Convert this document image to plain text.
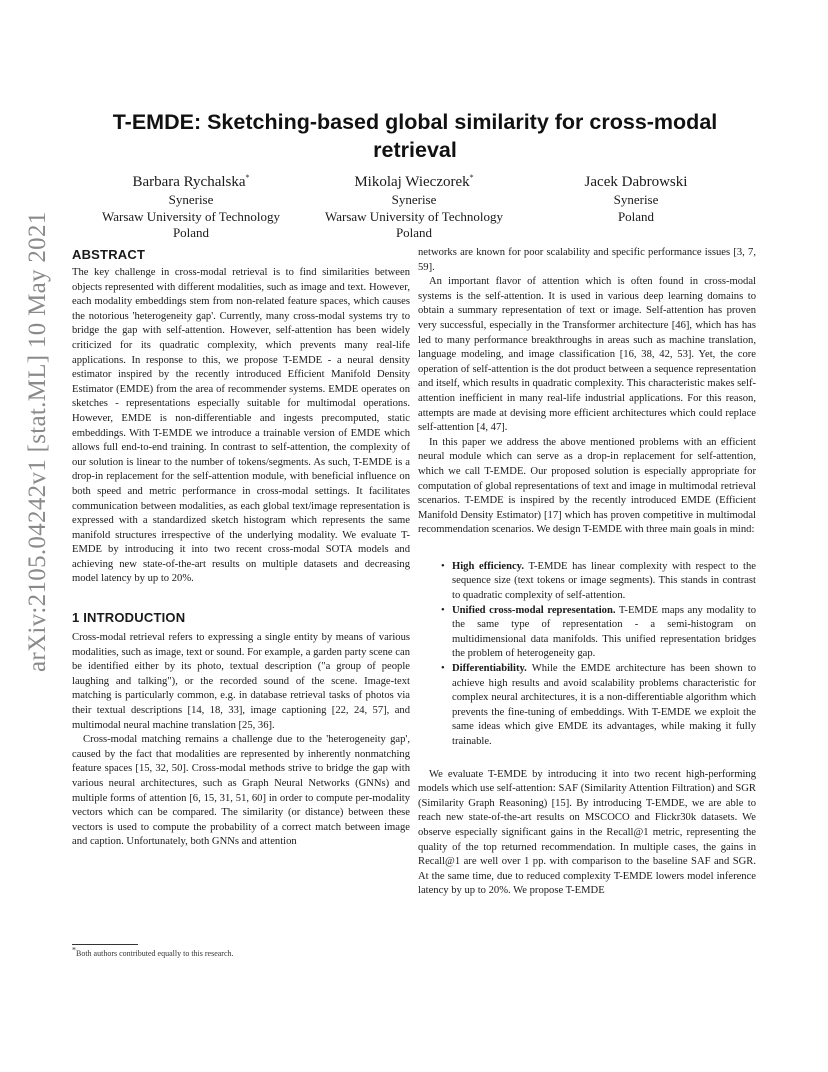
arXiv:2105.04242v1 [stat.ML] 10 May 2021
T-EMDE: Sketching-based global similarity for cross-modal retrieval
Barbara Rychalska*
Synerise
Warsaw University of Technology
Poland
Mikolaj Wieczorek*
Synerise
Warsaw University of Technology
Poland
Jacek Dabrowski
Synerise
Poland
ABSTRACT

The key challenge in cross-modal retrieval is to find similarities between objects represented with different modalities, such as image and text. However, each modality embeddings stem from non-related feature spaces, which causes the notorious 'heterogeneity gap'. Currently, many cross-modal systems try to bridge the gap with self-attention. However, self-attention has been widely criticized for its quadratic complexity, which prevents many real-life applications. In response to this, we propose T-EMDE - a neural density estimator inspired by the recently introduced Efficient Manifold Density Estimator (EMDE) from the area of recommender systems. EMDE operates on sketches - representations especially suitable for multimodal operations. However, EMDE is non-differentiable and ingests precomputed, static embeddings. With T-EMDE we introduce a trainable version of EMDE which allows full end-to-end training. In contrast to self-attention, the complexity of our solution is linear to the number of tokens/segments. As such, T-EMDE is a drop-in replacement for the self-attention module, with beneficial influence on both speed and metric performance in cross-modal settings. It facilitates communication between modalities, as each global text/image representation is expressed with a standardized sketch histogram which represents the same manifold structures irrespective of the underlying modality. We evaluate T-EMDE by introducing it into two recent cross-modal SOTA models and achieving new state-of-the-art results on multiple datasets and decreasing model latency by up to 20%.

1 INTRODUCTION

Cross-modal retrieval refers to expressing a single entity by means of various modalities, such as image, text or sound. For example, a garden party scene can be identified either by its photo, textual description ("a group of people laughing and talking"), or the recorded sound of the scene. Image-text matching is particularly common, e.g. in database retrieval tasks of photos via their textual descriptions [14, 18, 33], image captioning [22, 24, 57], and multimodal neural machine translation [25, 36].

Cross-modal matching remains a challenge due to the 'heterogeneity gap', caused by the fact that modalities are represented by inherently nonmatching feature spaces [15, 32, 50]. Cross-modal methods strive to bridge the gap with various neural architectures, such as Graph Neural Networks (GNNs) and multiple forms of attention [6, 15, 31, 51, 60] in order to compute per-modality vectors which can be compared. The similarity (or distance) between these vectors is used to compute the probability of a correct match between image and caption. Unfortunately, both GNNs and attention

networks are known for poor scalability and specific performance issues [3, 7, 59].

An important flavor of attention which is often found in cross-modal systems is the self-attention. It is used in various deep learning domains to obtain a summary representation of text or image. Self-attention has proven very successful, especially in the Transformer architecture [46], which has has led to many performance breakthroughs in areas such as machine translation, language modeling, and image classification [16, 38, 42, 53]. Yet, the core operation of self-attention is the dot product between a sequence representation and itself, which results in quadratic complexity. This characteristic makes self-attention inefficient in many real-life industrial applications. For this reason, attempts are made at devising more efficient architectures which could replace self-attention [4, 47].

In this paper we address the above mentioned problems with an efficient neural module which can serve as a drop-in replacement for self-attention, which we call T-EMDE. Our proposed solution is especially appropriate for computation of global representations of text and image in multimodal retrieval scenarios. T-EMDE is inspired by the recently introduced EMDE (Efficient Manifold Density Estimator) [17] which has proven competitive in multimodal recommendation scenarios. We design T-EMDE with three main goals in mind:

• High efficiency. T-EMDE has linear complexity with respect to the sequence size (text tokens or image segments). This stands in contrast to quadratic complexity of self-attention.
• Unified cross-modal representation. T-EMDE maps any modality to the same type of representation - a semi-histogram on multidimensional data manifolds. This unified representation bridges the problem of heterogeneity gap.
• Differentiability. While the EMDE architecture has been shown to achieve high results and avoid scalability problems characteristic for complex neural architectures, it is a non-differentiable algorithm which prevents the fine-tuning of embeddings. With T-EMDE we exploit the same ideas which give EMDE its advantages, while making it fully trainable.

We evaluate T-EMDE by introducing it into two recent high-performing models which use self-attention: SAF (Similarity Attention Filtration) and SGR (Similarity Graph Reasoning) [15]. By introducing T-EMDE, we are able to reach new state-of-the-art results on MSCOCO and Flickr30k datasets. We observe especially significant gains in the Recall@1 metric, representing the quality of the top returned recommendation. In multiple cases, the gains in Recall@1 are well over 1 pp. with comparison to the baseline SAF and SGR. At the same time, due to reduced complexity T-EMDE lowers model inference latency by up to 20%. We propose T-EMDE

*Both authors contributed equally to this research.
